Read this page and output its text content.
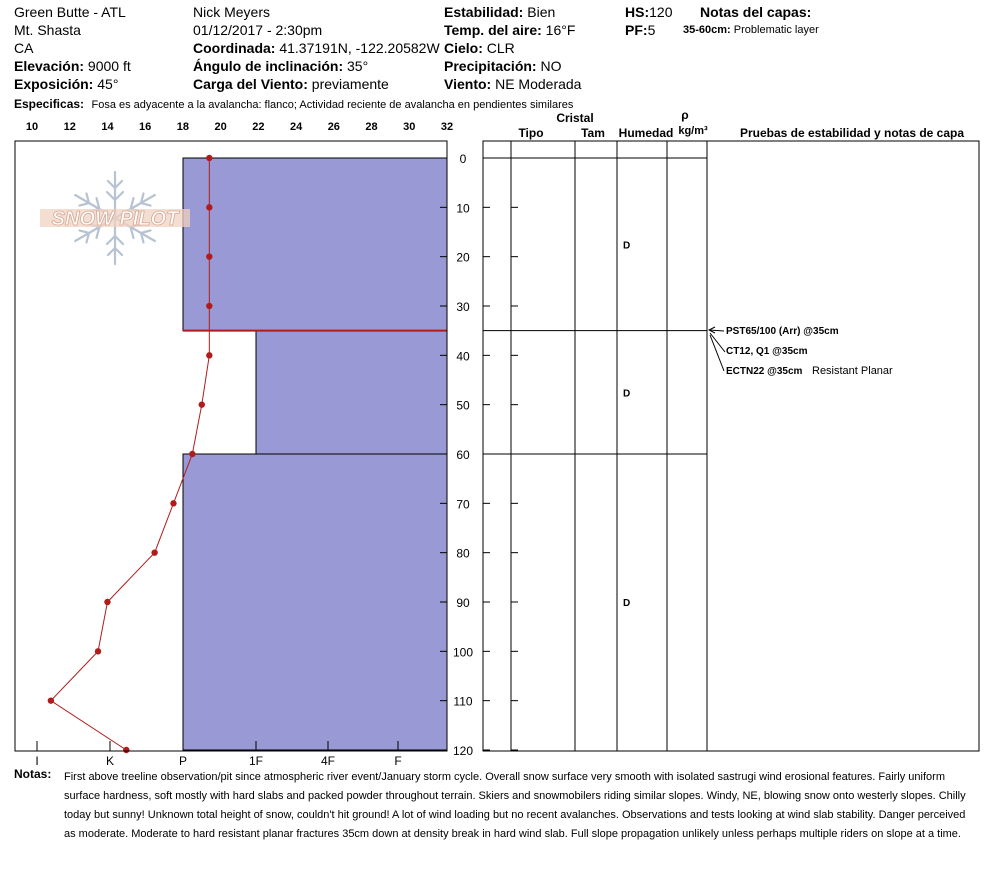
Green Butte - ATL
Mt. Shasta
CA
Elevación: 9000 ft
Exposición: 45°
Nick Meyers
01/12/2017 - 2:30pm
Coordinada: 41.37191N, -122.20582W
Ángulo de inclinación: 35°
Carga del Viento: previamente
Estabilidad: Bien
Temp. del aire: 16°F
Cielo: CLR
Precipitación: NO
Viento: NE Moderada
HS:120
PF:5
Notas del capas:
35-60cm: Problematic layer
Especificas: Fosa es adyacente a la avalancha: flanco; Actividad reciente de avalancha en pendientes similares
10 12 14 16 18 20 22 24 26 28 30 32
0
10
20
30
40
50
60
70
80
90
100
110
120
I	K	P	1F	4F	F
SNOW PILOT
D
D
D
Cristal
Tipo	Tam Humedad
ρ
kg/m³	Pruebas de estabilidad y notas de capa
PST65/100 (Arr) @35cm
CT12, Q1 @35cm
ECTN22 @35cm Resistant Planar
Notas: First above treeline observation/pit since atmospheric river event/January storm cycle. Overall snow surface very smooth with isolated sastrugi wind erosional features. Fairly uniform surface hardness, soft mostly with hard slabs and packed powder throughout terrain. Skiers and snowmobilers riding similar slopes. Windy, NE, blowing snow onto westerly slopes. Chilly today but sunny! Unknown total height of snow, couldn't hit ground! A lot of wind loading but no recent avalanches. Observations and tests looking at wind slab stability. Danger perceived as moderate. Moderate to hard resistant planar fractures 35cm down at density break in hard wind slab. Full slope propagation unlikely unless perhaps multiple riders on slope at a time.
